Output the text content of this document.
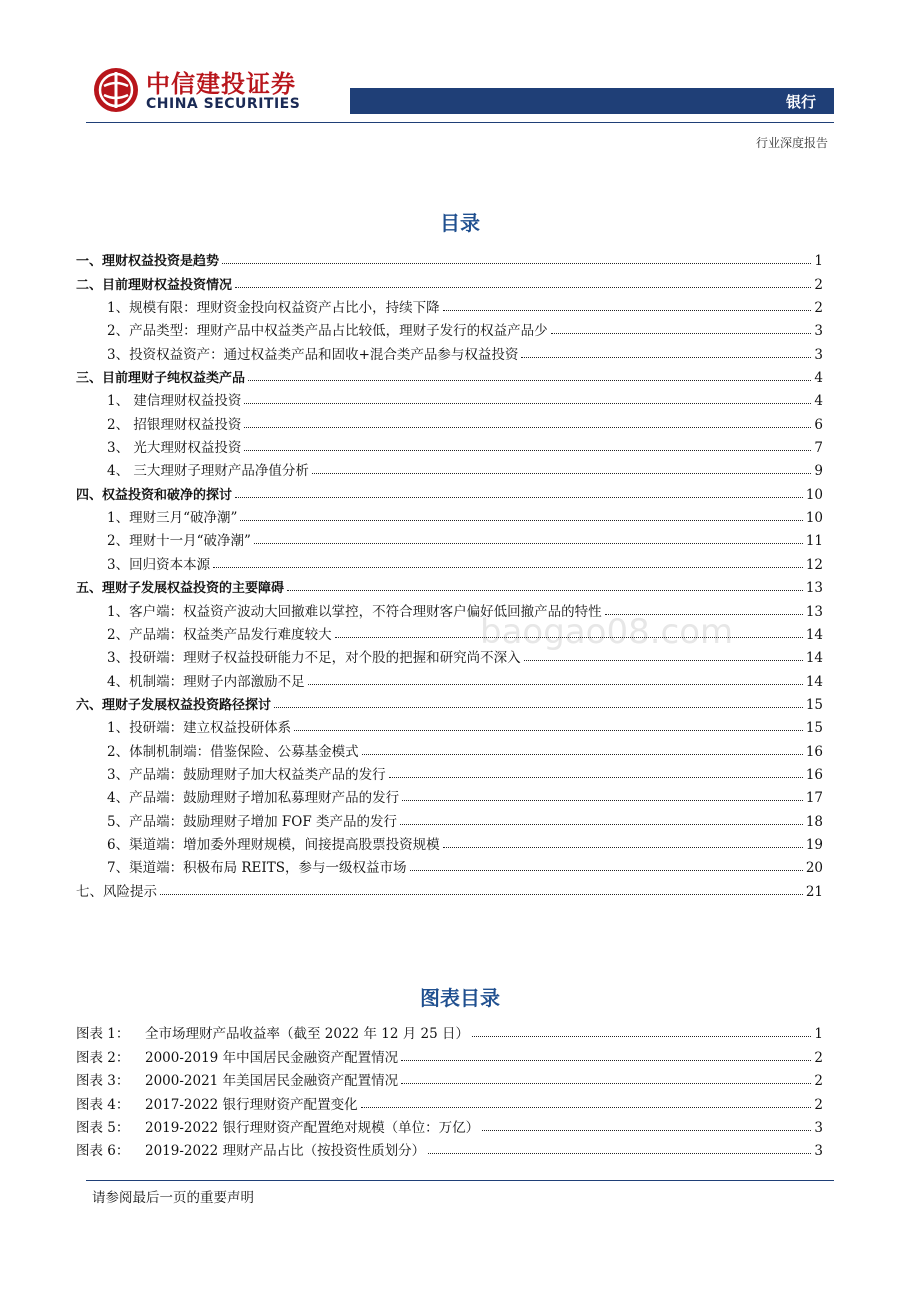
中信建投证券
CHINA SECURITIES	银行
行业深度报告
baogao08.com
目录
一、理财权益投资是趋势	1
二、目前理财权益投资情况	2
1、规模有限：理财资金投向权益资产占比小，持续下降	2
2、产品类型：理财产品中权益类产品占比较低，理财子发行的权益产品少	3
3、投资权益资产：通过权益类产品和固收+混合类产品参与权益投资	3
三、目前理财子纯权益类产品	4
1、 建信理财权益投资	4
2、 招银理财权益投资	6
3、 光大理财权益投资	7
4、 三大理财子理财产品净值分析	9
四、权益投资和破净的探讨	10
1、理财三月“破净潮”	10
2、理财十一月“破净潮”	11
3、回归资本本源	12
五、理财子发展权益投资的主要障碍	13
1、客户端：权益资产波动大回撤难以掌控，不符合理财客户偏好低回撤产品的特性	13
2、产品端：权益类产品发行难度较大	14
3、投研端：理财子权益投研能力不足，对个股的把握和研究尚不深入	14
4、机制端：理财子内部激励不足	14
六、理财子发展权益投资路径探讨	15
1、投研端：建立权益投研体系	15
2、体制机制端：借鉴保险、公募基金模式	16
3、产品端：鼓励理财子加大权益类产品的发行	16
4、产品端：鼓励理财子增加私募理财产品的发行	17
5、产品端：鼓励理财子增加 FOF 类产品的发行	18
6、渠道端：增加委外理财规模，间接提高股票投资规模	19
7、渠道端：积极布局 REITS，参与一级权益市场	20
七、风险提示	21
图表目录
图表 1：	全市场理财产品收益率（截至 2022 年 12 月 25 日）	1
图表 2：	2000-2019 年中国居民金融资产配置情况	2
图表 3：	2000-2021 年美国居民金融资产配置情况	2
图表 4：	2017-2022 银行理财资产配置变化	2
图表 5：	2019-2022 银行理财资产配置绝对规模（单位：万亿）	3
图表 6：	2019-2022 理财产品占比（按投资性质划分）	3
请参阅最后一页的重要声明
